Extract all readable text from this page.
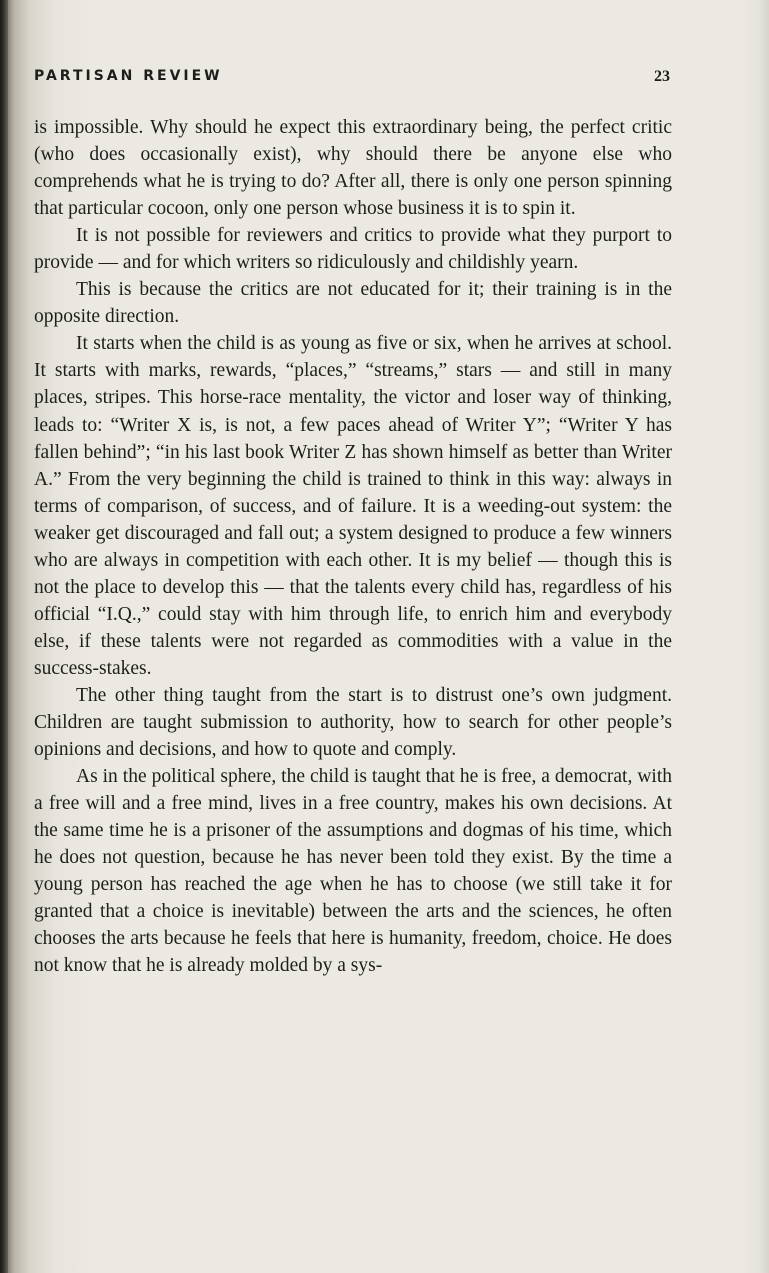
PARTISAN REVIEW	23

is impossible. Why should he expect this extraordinary being, the perfect critic (who does occasionally exist), why should there be anyone else who comprehends what he is trying to do? After all, there is only one person spinning that particular cocoon, only one person whose business it is to spin it.

It is not possible for reviewers and critics to provide what they purport to provide — and for which writers so ridiculously and childishly yearn.

This is because the critics are not educated for it; their training is in the opposite direction.

It starts when the child is as young as five or six, when he arrives at school. It starts with marks, rewards, “places,” “streams,” stars — and still in many places, stripes. This horse-race mentality, the victor and loser way of thinking, leads to: “Writer X is, is not, a few paces ahead of Writer Y”; “Writer Y has fallen behind”; “in his last book Writer Z has shown himself as better than Writer A.” From the very beginning the child is trained to think in this way: always in terms of comparison, of success, and of failure. It is a weeding-out system: the weaker get discouraged and fall out; a system designed to produce a few winners who are always in competition with each other. It is my belief — though this is not the place to develop this — that the talents every child has, regardless of his official “I.Q.,” could stay with him through life, to enrich him and everybody else, if these talents were not regarded as commodities with a value in the success-stakes.

The other thing taught from the start is to distrust one’s own judgment. Children are taught submission to authority, how to search for other people’s opinions and decisions, and how to quote and comply.

As in the political sphere, the child is taught that he is free, a democrat, with a free will and a free mind, lives in a free country, makes his own decisions. At the same time he is a prisoner of the assumptions and dogmas of his time, which he does not question, because he has never been told they exist. By the time a young person has reached the age when he has to choose (we still take it for granted that a choice is inevitable) between the arts and the sciences, he often chooses the arts because he feels that here is humanity, freedom, choice. He does not know that he is already molded by a sys-
